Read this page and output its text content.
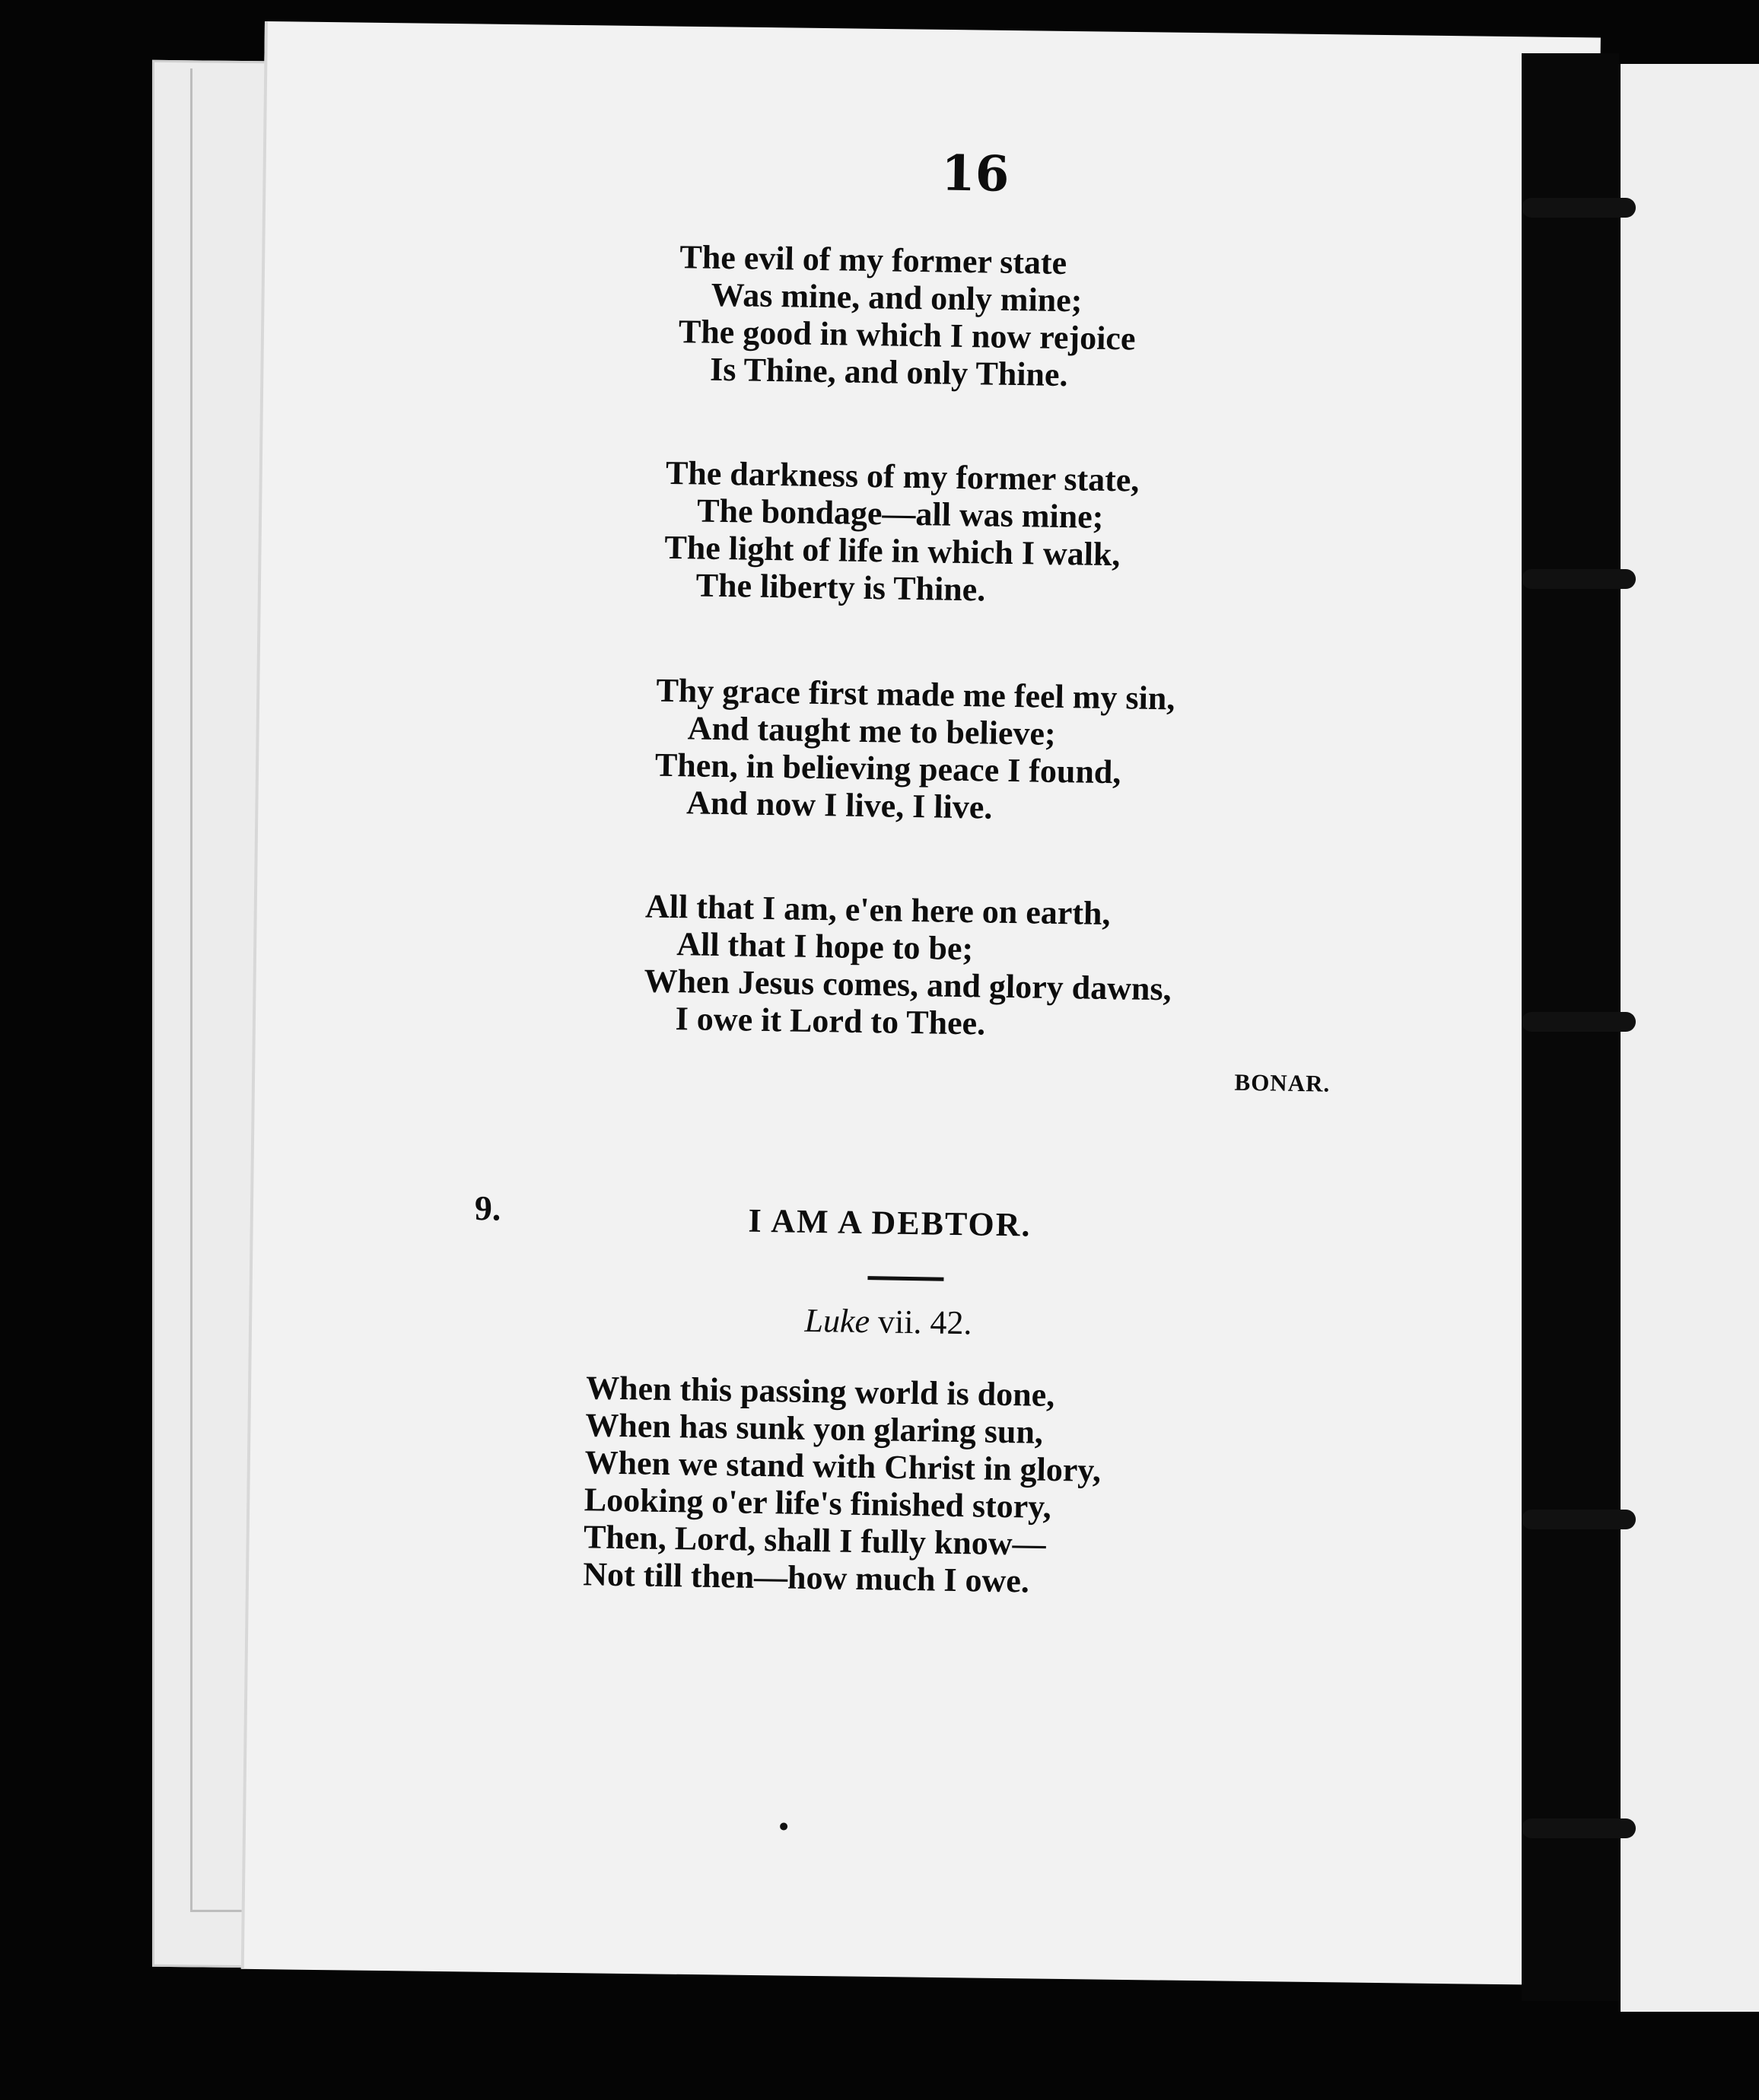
16
The evil of my former state
Was mine, and only mine;
The good in which I now rejoice
Is Thine, and only Thine.
The darkness of my former state,
The bondage—all was mine;
The light of life in which I walk,
The liberty is Thine.
Thy grace first made me feel my sin,
And taught me to believe;
Then, in believing peace I found,
And now I live, I live.
All that I am, e'en here on earth,
All that I hope to be;
When Jesus comes, and glory dawns,
I owe it Lord to Thee.
BONAR.
9.	I AM A DEBTOR.
Luke vii. 42.
When this passing world is done,
When has sunk yon glaring sun,
When we stand with Christ in glory,
Looking o'er life's finished story,
Then, Lord, shall I fully know—
Not till then—how much I owe.
